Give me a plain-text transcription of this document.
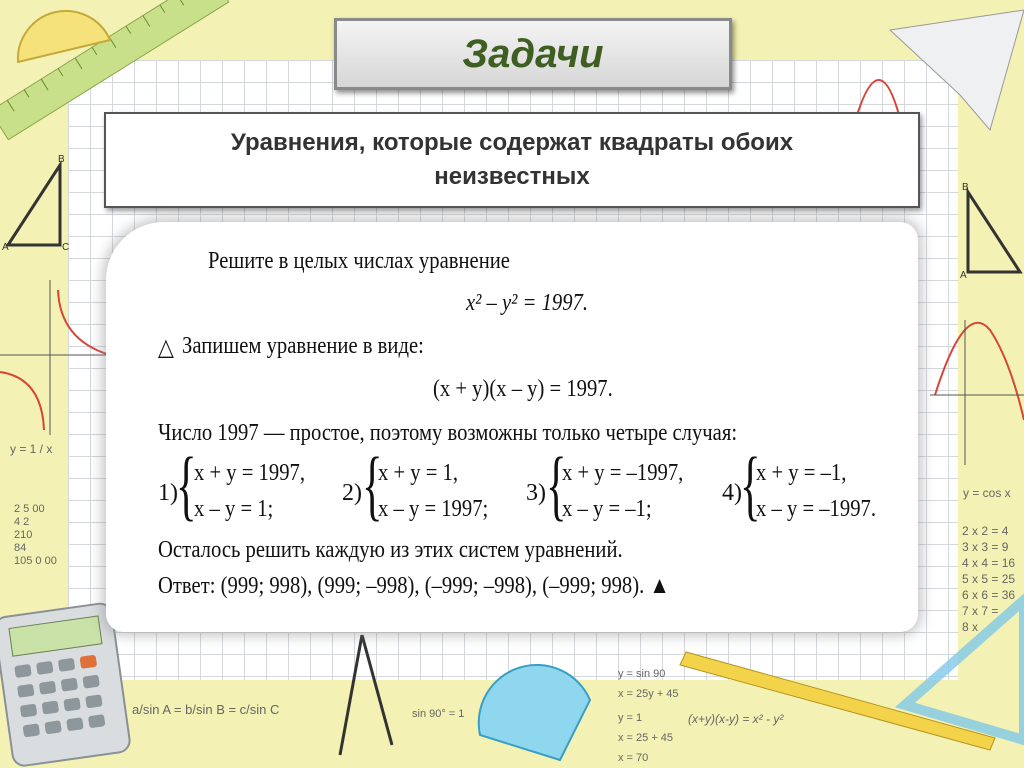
A
B
C
A
B
y = 1 / x
y = cos x
2 x 2 = 4
3 x 3 = 9
4 x 4 = 16
5 x 5 = 25
6 x 6 = 36
7 x 7 =
8 x
2 5 00
4 2
210
84
105 0 00
a/sin A = b/sin B = c/sin C	sin 90° = 1
y = sin 90
x = 25y + 45
y = 1
x = 25 + 45
x = 70
(x+y)(x-y) = x² - y²
Задачи
Уравнения, которые содержат квадраты обоих
неизвестных
Решите в целых числах уравнение
x² – y² = 1997.
△ Запишем уравнение в виде:
(x + y)(x – y) = 1997.
Число 1997 — простое, поэтому возможны только четыре случая:
1)
{
x + y = 1997,
x – y = 1;
2) {
x + y = 1,
x – y = 1997;
3) {
x + y = –1997,
x – y = –1;
4)
{
x + y = –1,
x – y = –1997.
Осталось решить каждую из этих систем уравнений.
Ответ: (999; 998), (999; –998), (–999; –998), (–999; 998). ▲
